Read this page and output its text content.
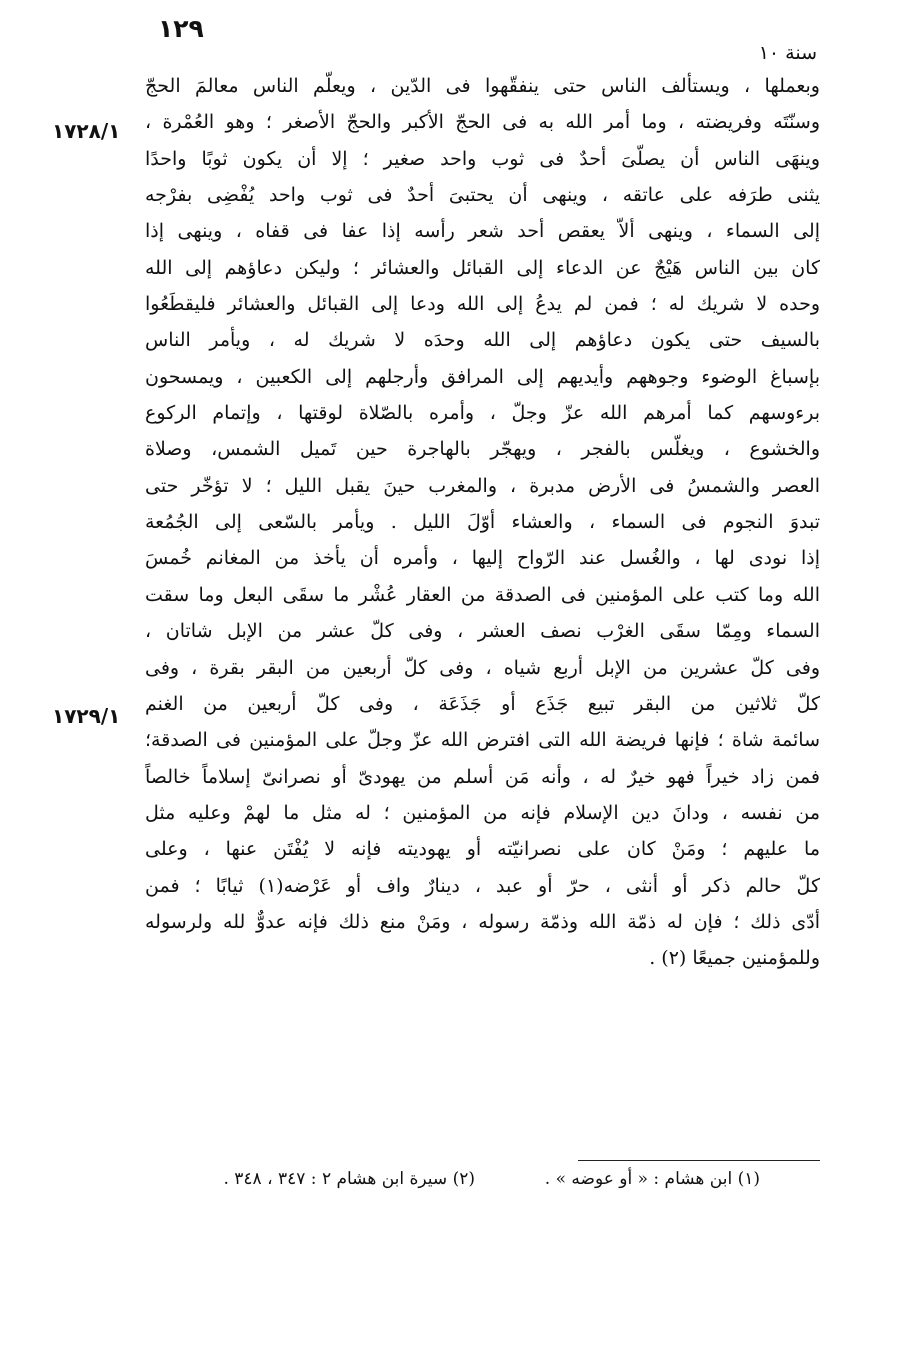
١٢٩
سنة ١٠
١٧٢٨/١
١٧٢٩/١
وبعملها ، ويستألف الناس حتى ينفقّهوا فى الدّين ، ويعلّم الناس معالمَ الحجّ
وسنّتَه وفريضته ، وما أمر الله به فى الحجّ الأكبر والحجّ الأصغر ؛ وهو العُمْرة ،
وينهَى الناس أن يصلّىَ أحدٌ فى ثوب واحد صغير ؛ إلا أن يكون ثوبًا واحدًا
يثنى طرَفه على عاتقه ، وينهى أن يحتبىَ أحدٌ فى ثوب واحد يُفْضِى بفرْجه
إلى السماء ، وينهى ألاّ يعقص أحد شعر رأسه إذا عفا فى قفاه ، وينهى إذا
كان بين الناس هَيْجٌ عن الدعاء إلى القبائل والعشائر ؛ وليكن دعاؤهم إلى الله
وحده لا شريك له ؛ فمن لم يدعُ إلى الله ودعا إلى القبائل والعشائر فليقطَعُوا
بالسيف حتى يكون دعاؤهم إلى الله وحدَه لا شريك له ، ويأمر الناس
بإسباغ الوضوء وجوههم وأيديهم إلى المرافق وأرجلهم إلى الكعبين ، ويمسحون
برءوسهم كما أمرهم الله عزّ وجلّ ، وأمره بالصّلاة لوقتها ، وإتمام الركوع
والخشوع ، ويغلّس بالفجر ، ويهجّر بالهاجرة حين تَميل الشمس، وصلاة
العصر والشمسُ فى الأرض مدبرة ، والمغرب حينَ يقبل الليل ؛ لا تؤخّر حتى
تبدوَ النجوم فى السماء ، والعشاء أوّلَ الليل . ويأمر بالسّعى إلى الجُمُعة
إذا نودى لها ، والغُسل عند الرّواح إليها ، وأمره أن يأخذ من المغانم خُمسَ
الله وما كتب على المؤمنين فى الصدقة من العقار عُشْر ما سقَى البعل وما سقت
السماء ومِمّا سقَى الغرْب نصف العشر ، وفى كلّ عشر من الإبل شاتان ،
وفى كلّ عشرين من الإبل أربع شياه ، وفى كلّ أربعين من البقر بقرة ، وفى
كلّ ثلاثين من البقر تبيع جَذَع أو جَذَعَة ، وفى كلّ أربعين من الغنم
سائمة شاة ؛ فإنها فريضة الله التى افترض الله عزّ وجلّ على المؤمنين فى الصدقة؛
فمن زاد خيراً فهو خيرٌ له ، وأنه مَن أسلم من يهودىّ أو نصرانىّ إسلاماً خالصاً
من نفسه ، ودانَ دين الإسلام فإنه من المؤمنين ؛ له مثل ما لهمْ وعليه مثل
ما عليهم ؛ ومَنْ كان على نصرانيّته أو يهوديته فإنه لا يُفْتَن عنها ، وعلى
كلّ حالم ذكر أو أنثى ، حرّ أو عبد ، دينارٌ واف أو عَرْضه(١) ثيابًا ؛ فمن
أدّى ذلك ؛ فإن له ذمّة الله وذمّة رسوله ، ومَنْ منع ذلك فإنه عدوٌّ لله ولرسوله
وللمؤمنين جميعًا (٢) .
(١) ابن هشام : « أو عوضه » .
(٢) سيرة ابن هشام ٢ : ٣٤٧ ، ٣٤٨ .
